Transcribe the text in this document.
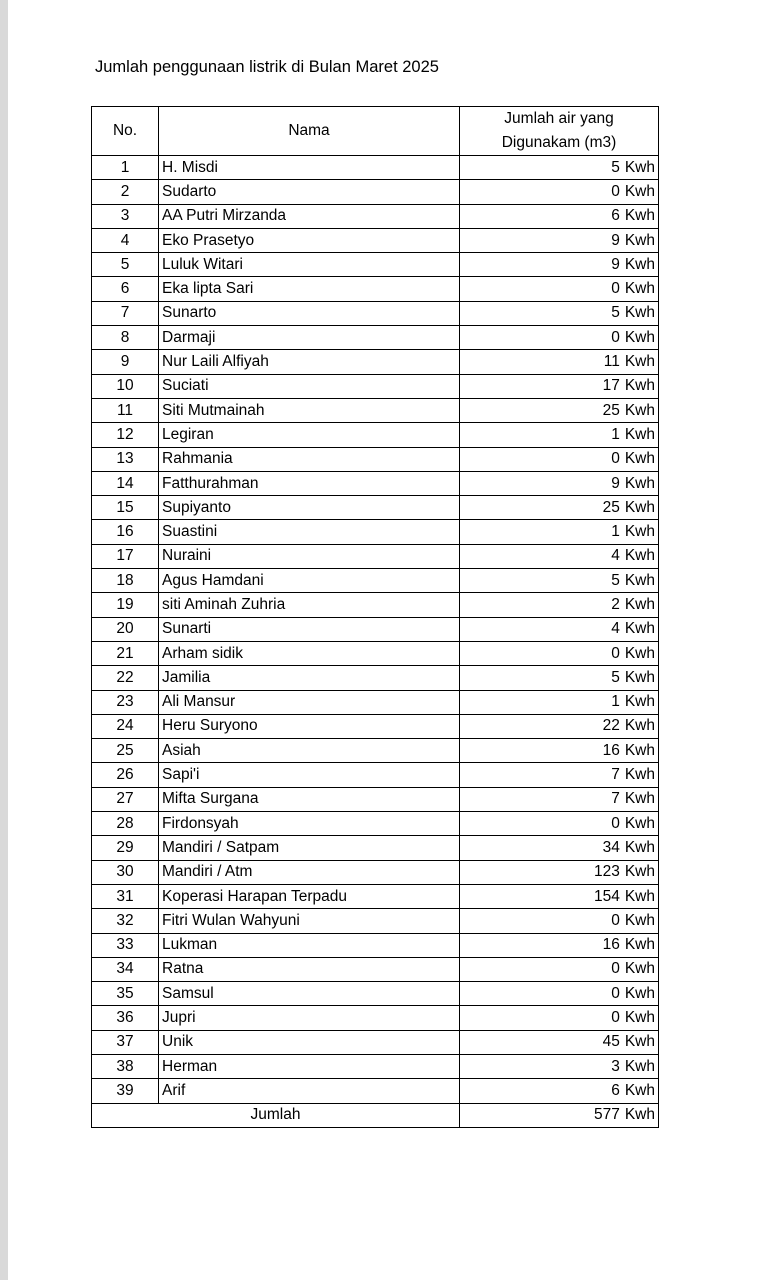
Jumlah penggunaan listrik di Bulan Maret 2025
No.	Nama	Jumlah air yang
Digunakam (m3)

1	H. Misdi	5 Kwh
2	Sudarto	0 Kwh
3	AA Putri Mirzanda	6 Kwh
4	Eko Prasetyo	9 Kwh
5	Luluk Witari	9 Kwh
6	Eka lipta Sari	0 Kwh
7	Sunarto	5 Kwh
8	Darmaji	0 Kwh
9	Nur Laili Alfiyah	11 Kwh
10	Suciati	17 Kwh
11	Siti Mutmainah	25 Kwh
12	Legiran	1 Kwh
13	Rahmania	0 Kwh
14	Fatthurahman	9 Kwh
15	Supiyanto	25 Kwh
16	Suastini	1 Kwh
17	Nuraini	4 Kwh
18	Agus Hamdani	5 Kwh
19	siti Aminah Zuhria	2 Kwh
20	Sunarti	4 Kwh
21	Arham sidik	0 Kwh
22	Jamilia	5 Kwh
23	Ali Mansur	1 Kwh
24	Heru Suryono	22 Kwh
25	Asiah	16 Kwh
26	Sapi'i	7 Kwh
27	Mifta Surgana	7 Kwh
28	Firdonsyah	0 Kwh
29	Mandiri / Satpam	34 Kwh
30	Mandiri / Atm	123 Kwh
31	Koperasi Harapan Terpadu	154 Kwh
32	Fitri Wulan Wahyuni	0 Kwh
33	Lukman	16 Kwh
34	Ratna	0 Kwh
35	Samsul	0 Kwh
36	Jupri	0 Kwh
37	Unik	45 Kwh
38	Herman	3 Kwh
39	Arif	6 Kwh
Jumlah		577 Kwh
